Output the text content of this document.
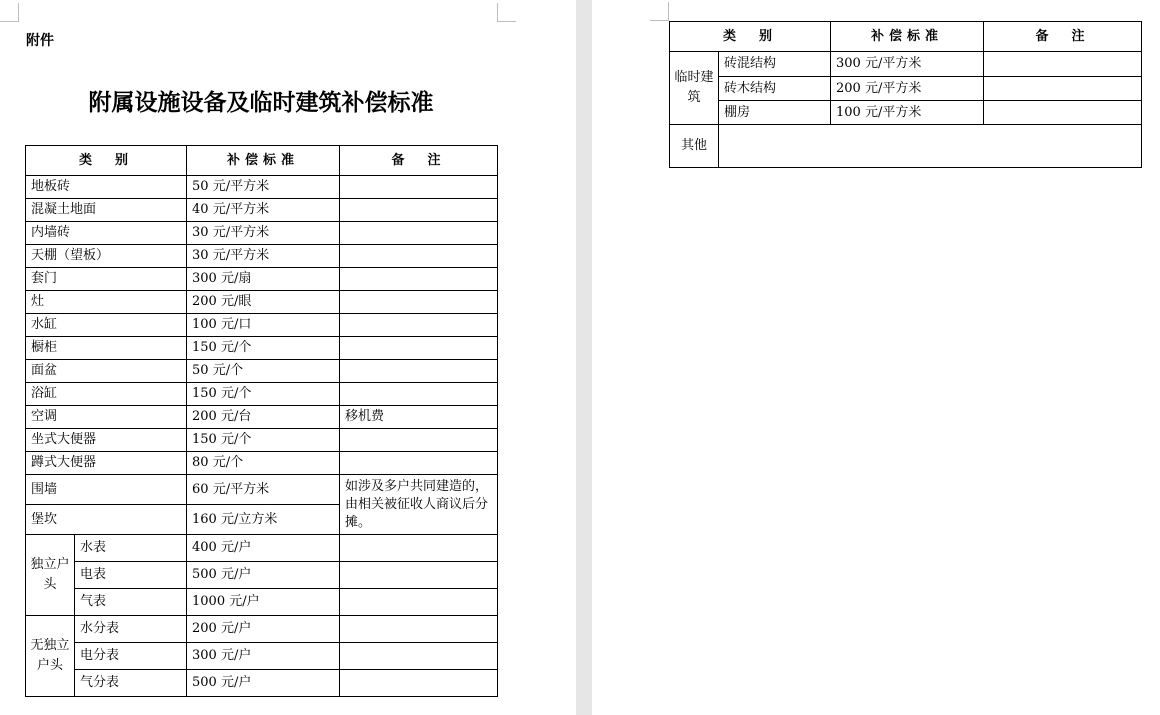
附件
附属设施设备及临时建筑补偿标准
类　别		补偿标准	备　注
地板砖		50 元/平方米	
混凝土地面		40 元/平方米	
内墙砖		30 元/平方米	
天棚（望板）		30 元/平方米	
套门		300 元/扇	
灶		200 元/眼	
水缸		100 元/口	
橱柜		150 元/个	
面盆		50 元/个	
浴缸		150 元/个	
空调		200 元/台	移机费
坐式大便器		150 元/个	
蹲式大便器		80 元/个	
围墙		60 元/平方米	如涉及多户共同建造的，由相关被征收人商议后分摊。
堡坎		160 元/立方米	
独立户头	水表	400 元/户	
	电表	500 元/户	
	气表	1000 元/户	
无独立户头	水分表	200 元/户	
	电分表	300 元/户	
	气分表	500 元/户	
类　别		补偿标准	备　注
临时建筑	砖混结构	300 元/平方米	
	砖木结构	200 元/平方米	
	棚房	100 元/平方米	
其他			
